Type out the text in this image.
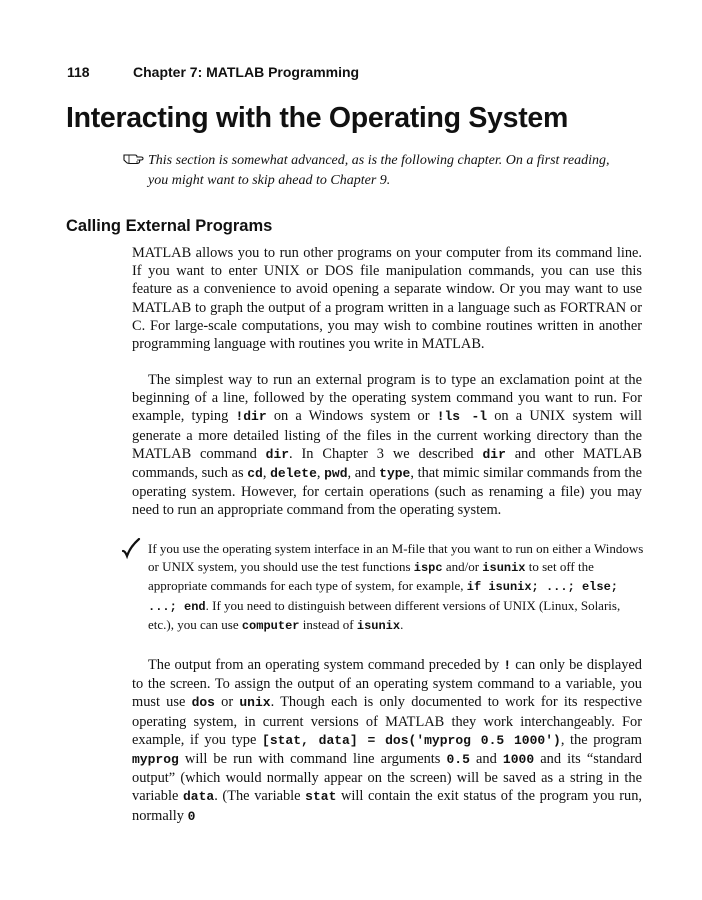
118	Chapter 7: MATLAB Programming
Interacting with the Operating System
This section is somewhat advanced, as is the following chapter. On a first reading, you might want to skip ahead to Chapter 9.
Calling External Programs

MATLAB allows you to run other programs on your computer from its command line. If you want to enter UNIX or DOS file manipulation commands, you can use this feature as a convenience to avoid opening a separate window. Or you may want to use MATLAB to graph the output of a program written in a language such as FORTRAN or C. For large-scale computations, you may wish to combine routines written in another programming language with routines you write in MATLAB.

The simplest way to run an external program is to type an exclamation point at the beginning of a line, followed by the operating system command you want to run. For example, typing !dir on a Windows system or !ls -l on a UNIX system will generate a more detailed listing of the files in the current working directory than the MATLAB command dir. In Chapter 3 we described dir and other MATLAB commands, such as cd, delete, pwd, and type, that mimic similar commands from the operating system. However, for certain operations (such as renaming a file) you may need to run an appropriate command from the operating system.

If you use the operating system interface in an M-file that you want to run on either a Windows or UNIX system, you should use the test functions ispc and/or isunix to set off the appropriate commands for each type of system, for example, if isunix; ...; else; ...; end. If you need to distinguish between different versions of UNIX (Linux, Solaris, etc.), you can use computer instead of isunix.

The output from an operating system command preceded by ! can only be displayed to the screen. To assign the output of an operating system command to a variable, you must use dos or unix. Though each is only documented to work for its respective operating system, in current versions of MATLAB they work interchangeably. For example, if you type [stat, data] = dos('myprog 0.5 1000'), the program myprog will be run with command line arguments 0.5 and 1000 and its “standard output” (which would normally appear on the screen) will be saved as a string in the variable data. (The variable stat will contain the exit status of the program you run, normally 0
